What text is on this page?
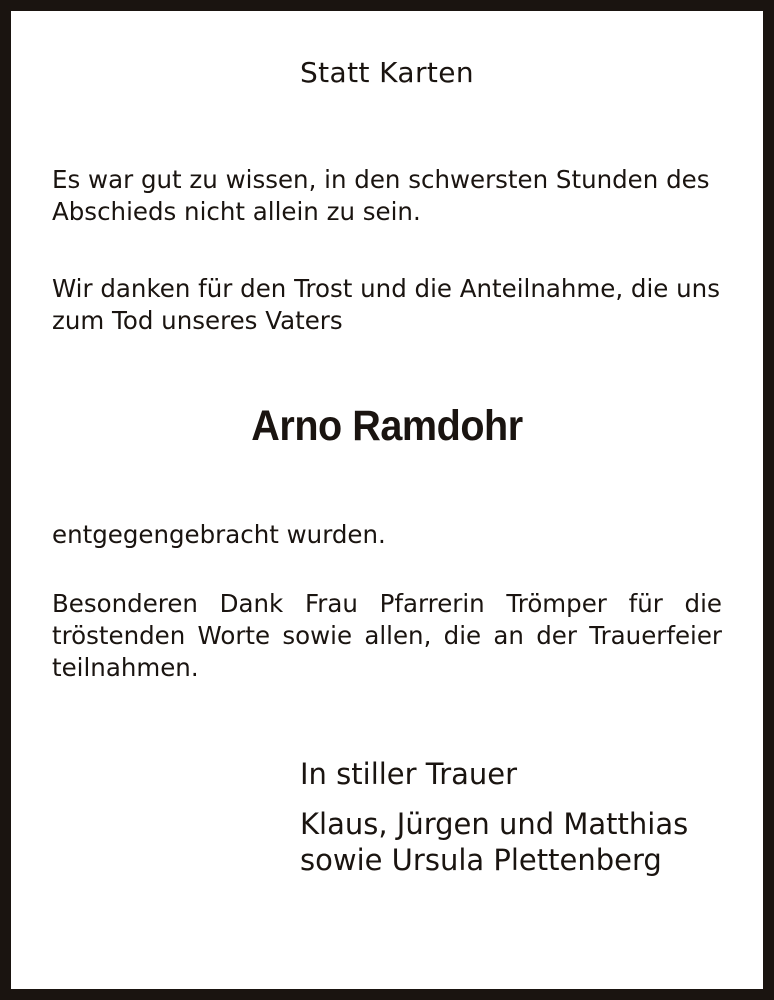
Statt Karten

Es war gut zu wissen, in den schwersten Stunden des
Abschieds nicht allein zu sein.
Wir danken für den Trost und die Anteilnahme, die uns
zum Tod unseres Vaters

Arno Ramdohr

entgegengebracht wurden.
Besonderen Dank Frau Pfarrerin Trömper für die
tröstenden Worte sowie allen, die an der Trauerfeier
teilnahmen.

In stiller Trauer

Klaus, Jürgen und Matthias
sowie Ursula Plettenberg
